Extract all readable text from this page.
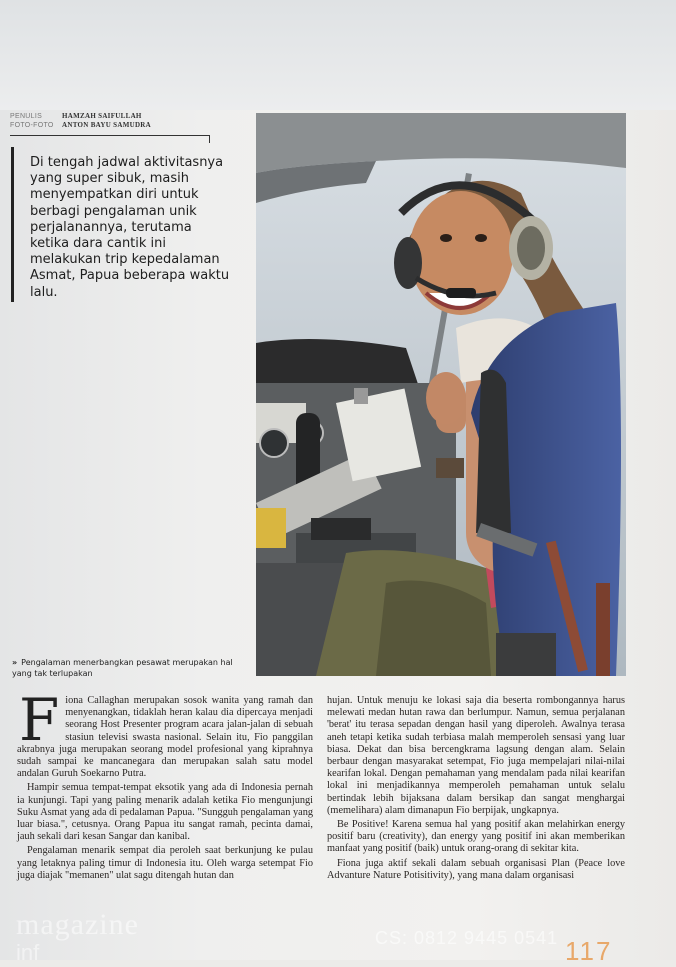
PENULIS	HAMZAH SAIFULLAH
FOTO-FOTO ANTON BAYU SAMUDRA
Di tengah jadwal aktivitasnya yang super sibuk, masih menyempatkan diri untuk berbagi pengalaman unik perjalanannya, terutama ketika dara cantik ini melakukan trip kepedalaman Asmat, Papua beberapa waktu lalu.
» Pengalaman menerbangkan pesawat merupakan hal yang tak terlupakan

Fiona Callaghan merupakan sosok wanita yang ramah dan menyenangkan, tidaklah heran kalau dia dipercaya menjadi seorang Host Presenter program acara jalan-jalan di sebuah stasiun televisi swasta nasional. Selain itu, Fio panggilan akrabnya juga merupakan seorang model profesional yang kiprahnya sudah sampai ke mancanegara dan merupakan salah satu model andalan Guruh Soekarno Putra.

Hampir semua tempat-tempat eksotik yang ada di Indonesia pernah ia kunjungi. Tapi yang paling menarik adalah ketika Fio mengunjungi Suku Asmat yang ada di pedalaman Papua. "Sungguh pengalaman yang luar biasa.", cetusnya. Orang Papua itu sangat ramah, pecinta damai, jauh sekali dari kesan Sangar dan kanibal.

Pengalaman menarik sempat dia peroleh saat berkunjung ke pulau yang letaknya paling timur di Indonesia itu. Oleh warga setempat Fio juga diajak "memanen" ulat sagu ditengah hutan dan

hujan. Untuk menuju ke lokasi saja dia beserta rombongannya harus melewati medan hutan rawa dan berlumpur. Namun, semua perjalanan 'berat' itu terasa sepadan dengan hasil yang diperoleh. Awalnya terasa aneh tetapi ketika sudah terbiasa malah memperoleh sensasi yang luar biasa. Dekat dan bisa bercengkrama lagsung dengan alam. Selain berbaur dengan masyarakat setempat, Fio juga mempelajari nilai-nilai kearifan lokal. Dengan pemahaman yang mendalam pada nilai kearifan lokal ini menjadikannya memperoleh pemahaman untuk selalu bertindak lebih bijaksana dalam bersikap dan sangat menghargai (memelihara) alam dimanapun Fio berpijak, ungkapnya.

Be Positive! Karena semua hal yang positif akan melahirkan energy positif baru (creativity), dan energy yang positif ini akan memberikan manfaat yang positif (baik) untuk orang-orang di sekitar kita.

Fiona juga aktif sekali dalam sebuah organisasi Plan (Peace love Advanture Nature Potisitivity), yang mana dalam organisasi

magazine
inf
CS: 0812 9445 0541 117
